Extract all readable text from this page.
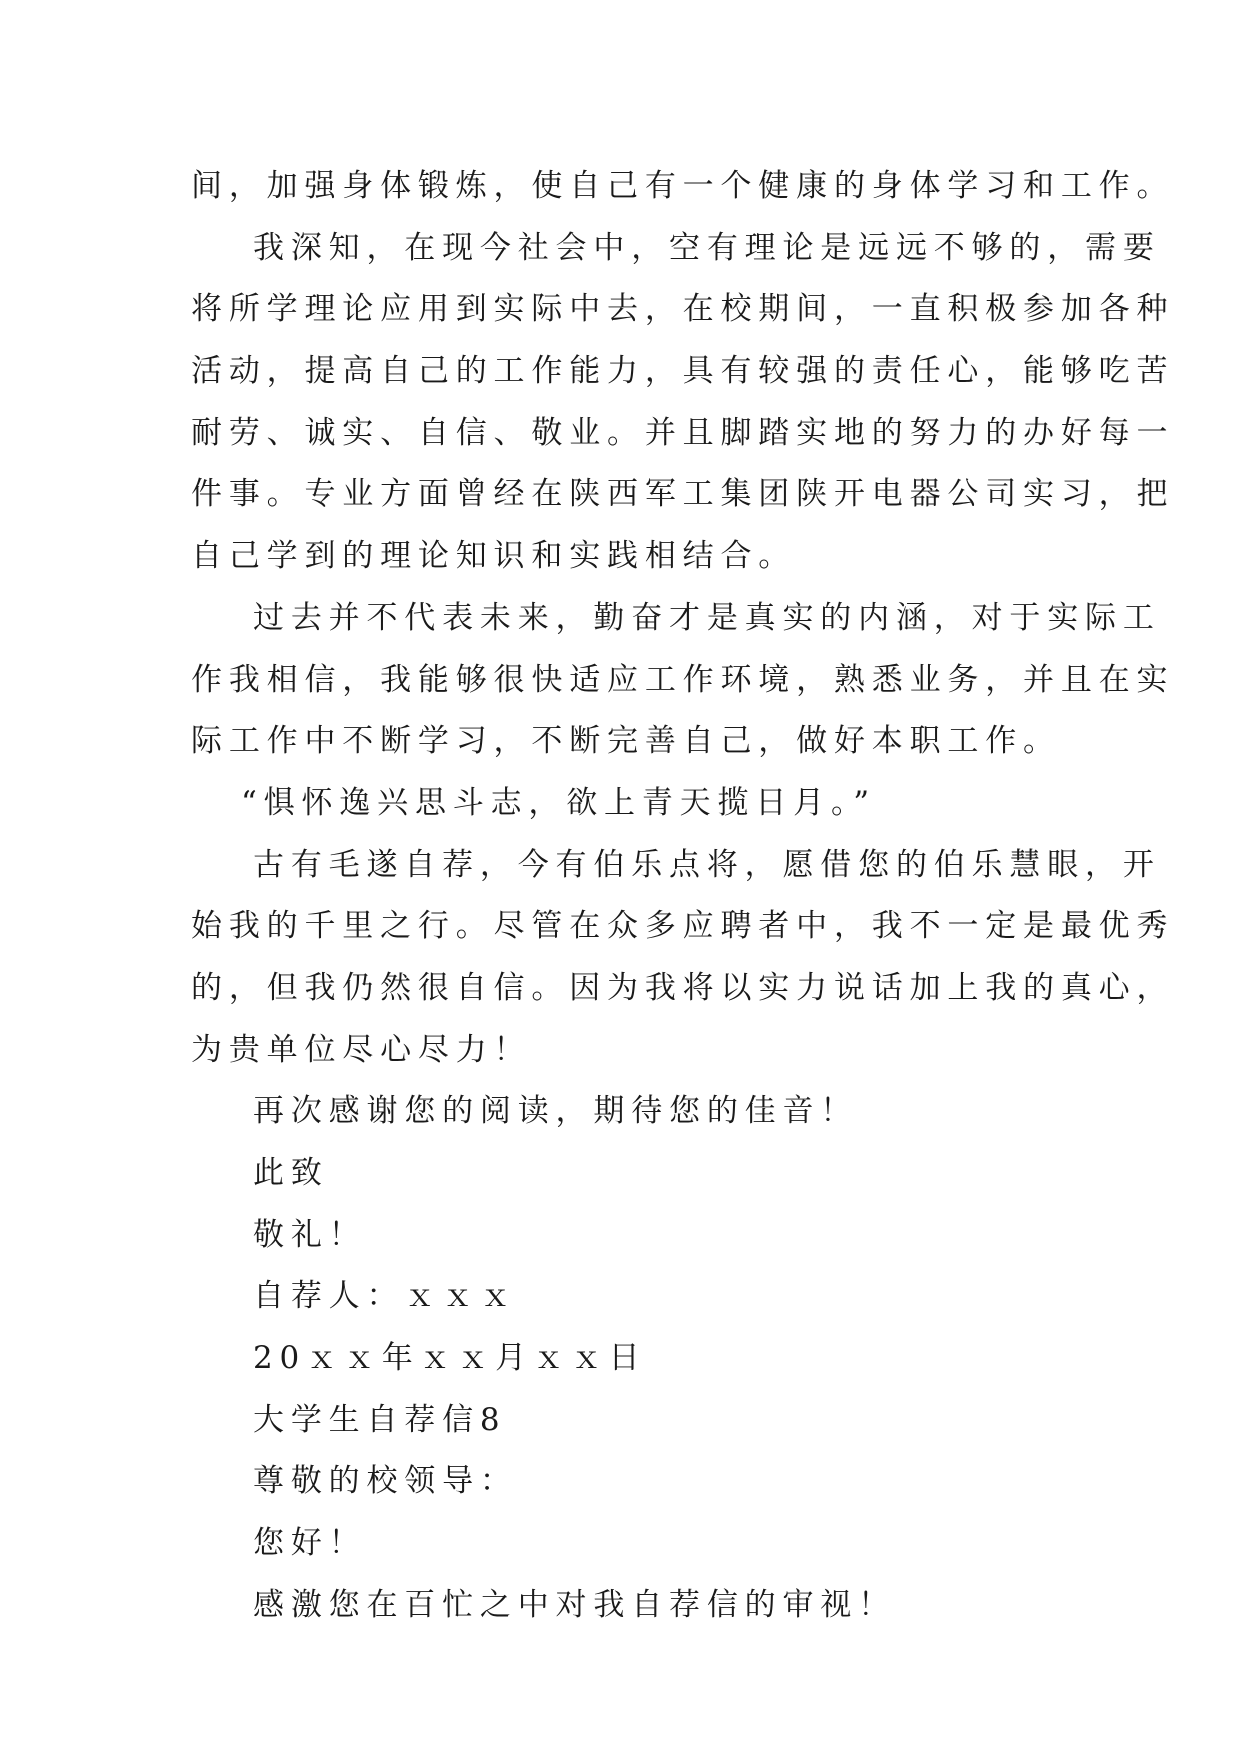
间，加强身体锻炼，使自己有一个健康的身体学习和工作。
我深知，在现今社会中，空有理论是远远不够的，需要
将所学理论应用到实际中去，在校期间，一直积极参加各种
活动，提高自己的工作能力，具有较强的责任心，能够吃苦
耐劳、诚实、自信、敬业。并且脚踏实地的努力的办好每一
件事。专业方面曾经在陕西军工集团陕开电器公司实习，把
自己学到的理论知识和实践相结合。
过去并不代表未来，勤奋才是真实的内涵，对于实际工
作我相信，我能够很快适应工作环境，熟悉业务，并且在实
际工作中不断学习，不断完善自己，做好本职工作。
“惧怀逸兴思斗志，欲上青天揽日月。”
古有毛遂自荐，今有伯乐点将，愿借您的伯乐慧眼，开
始我的千里之行。尽管在众多应聘者中，我不一定是最优秀
的，但我仍然很自信。因为我将以实力说话加上我的真心，
为贵单位尽心尽力！
再次感谢您的阅读，期待您的佳音！
此致
敬礼！
自荐人：ｘｘｘ
20ｘｘ年ｘｘ月ｘｘ日
大学生自荐信8
尊敬的校领导：
您好！
感激您在百忙之中对我自荐信的审视！
